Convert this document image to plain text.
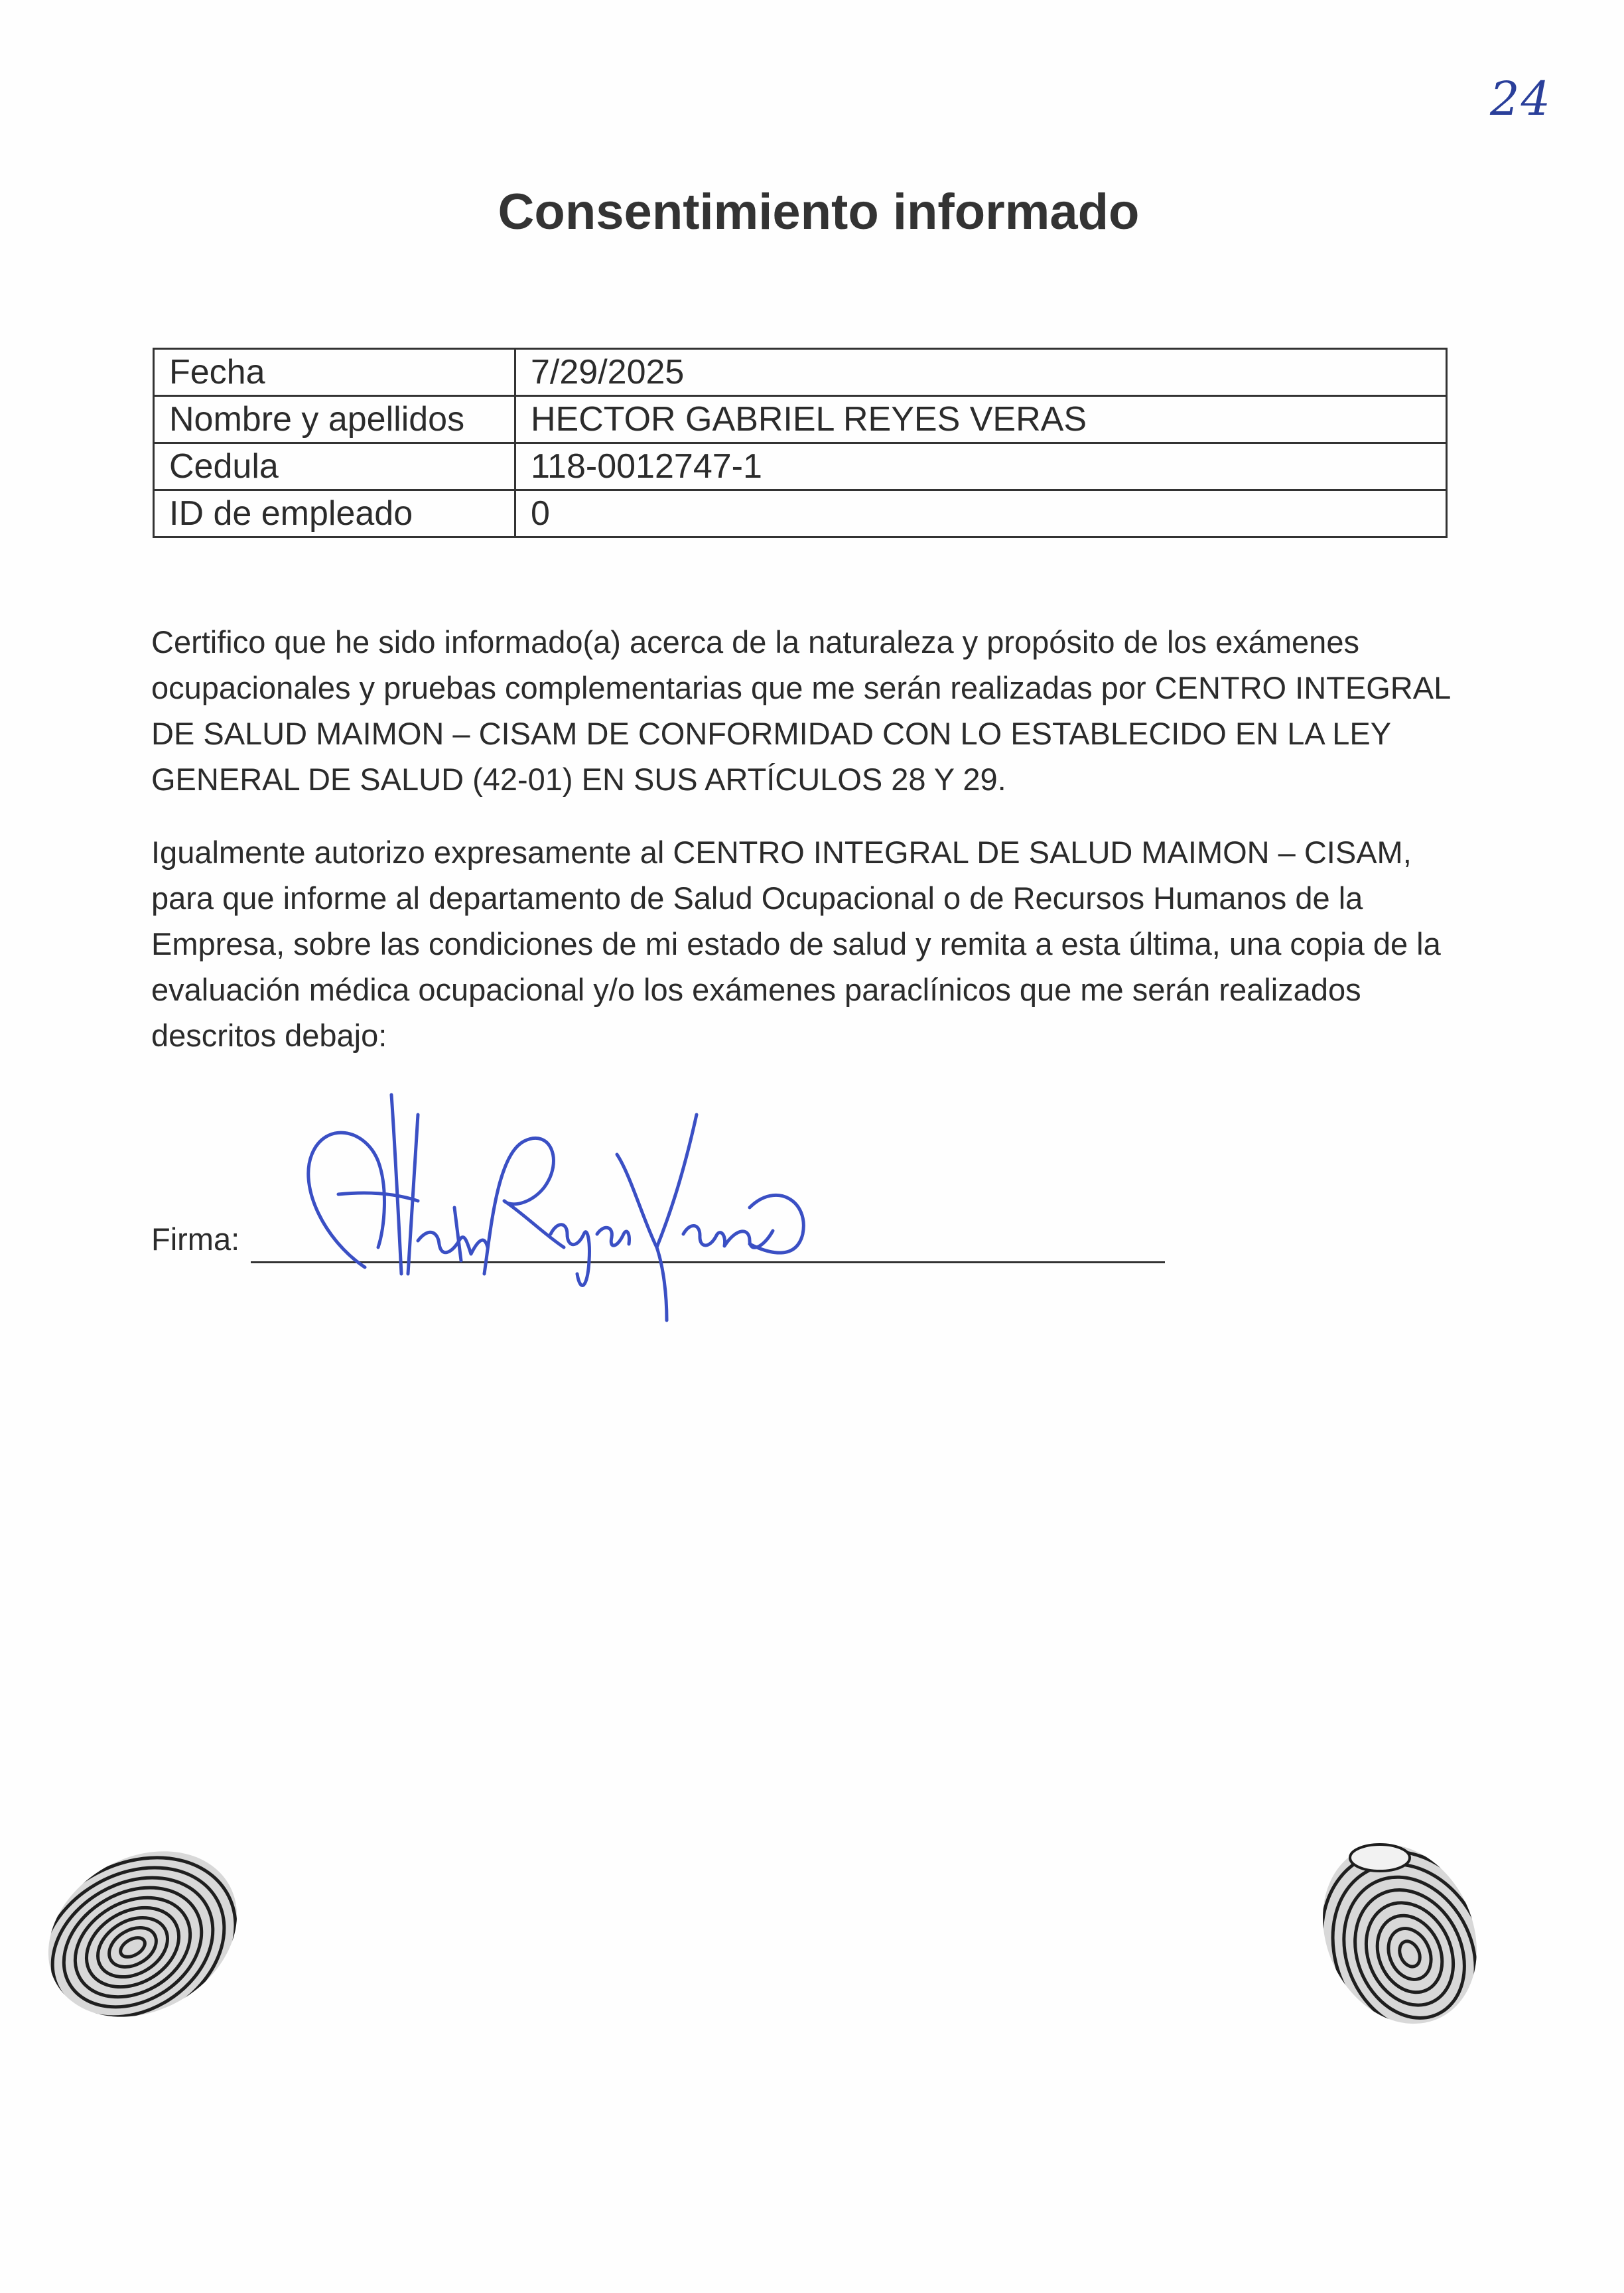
24
Consentimiento informado
Fecha	7/29/2025
Nombre y apellidos	HECTOR GABRIEL REYES VERAS
Cedula	118-0012747-1
ID de empleado	0

Certifico que he sido informado(a) acerca de la naturaleza y propósito de los exámenes ocupacionales y pruebas complementarias que me serán realizadas por CENTRO INTEGRAL DE SALUD MAIMON – CISAM DE CONFORMIDAD CON LO ESTABLECIDO EN LA LEY GENERAL DE SALUD (42-01) EN SUS ARTÍCULOS 28 Y 29.

Igualmente autorizo expresamente al CENTRO INTEGRAL DE SALUD MAIMON – CISAM, para que informe al departamento de Salud Ocupacional o de Recursos Humanos de la Empresa, sobre las condiciones de mi estado de salud y remita a esta última, una copia de la evaluación médica ocupacional y/o los exámenes paraclínicos que me serán realizados descritos debajo:

Firma:
